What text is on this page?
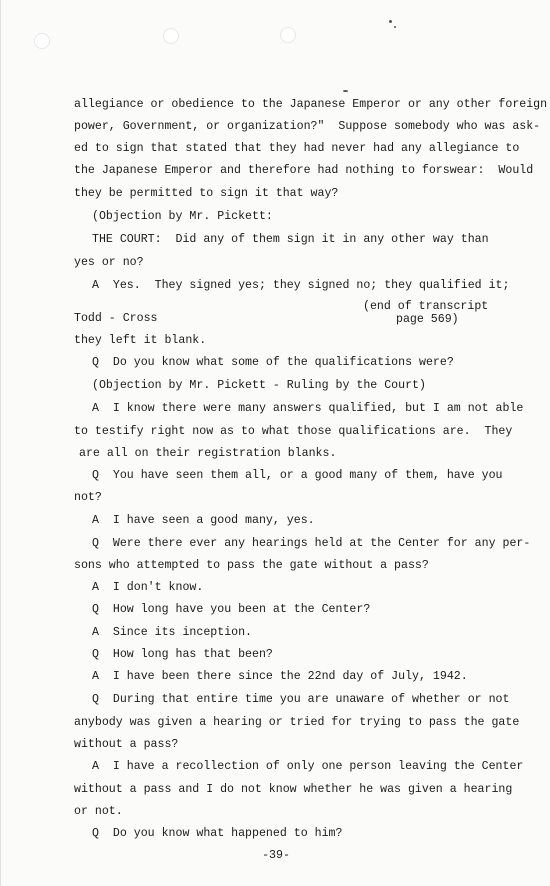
allegiance or obedience to the Japanese Emperor or any other foreign
power, Government, or organization?"  Suppose somebody who was ask-
ed to sign that stated that they had never had any allegiance to
the Japanese Emperor and therefore had nothing to forswear:  Would
they be permitted to sign it that way?
(Objection by Mr. Pickett:
THE COURT:  Did any of them sign it in any other way than
yes or no?
A  Yes.  They signed yes; they signed no; they qualified it;
(end of transcript
Todd - Cross	page 569)
they left it blank.
Q  Do you know what some of the qualifications were?
(Objection by Mr. Pickett - Ruling by the Court)
A  I know there were many answers qualified, but I am not able
to testify right now as to what those qualifications are.  They
are all on their registration blanks.
Q  You have seen them all, or a good many of them, have you
not?
A  I have seen a good many, yes.
Q  Were there ever any hearings held at the Center for any per-
sons who attempted to pass the gate without a pass?
A  I don't know.
Q  How long have you been at the Center?
A  Since its inception.
Q  How long has that been?
A  I have been there since the 22nd day of July, 1942.
Q  During that entire time you are unaware of whether or not
anybody was given a hearing or tried for trying to pass the gate
without a pass?
A  I have a recollection of only one person leaving the Center
without a pass and I do not know whether he was given a hearing
or not.
Q  Do you know what happened to him?
-39-
